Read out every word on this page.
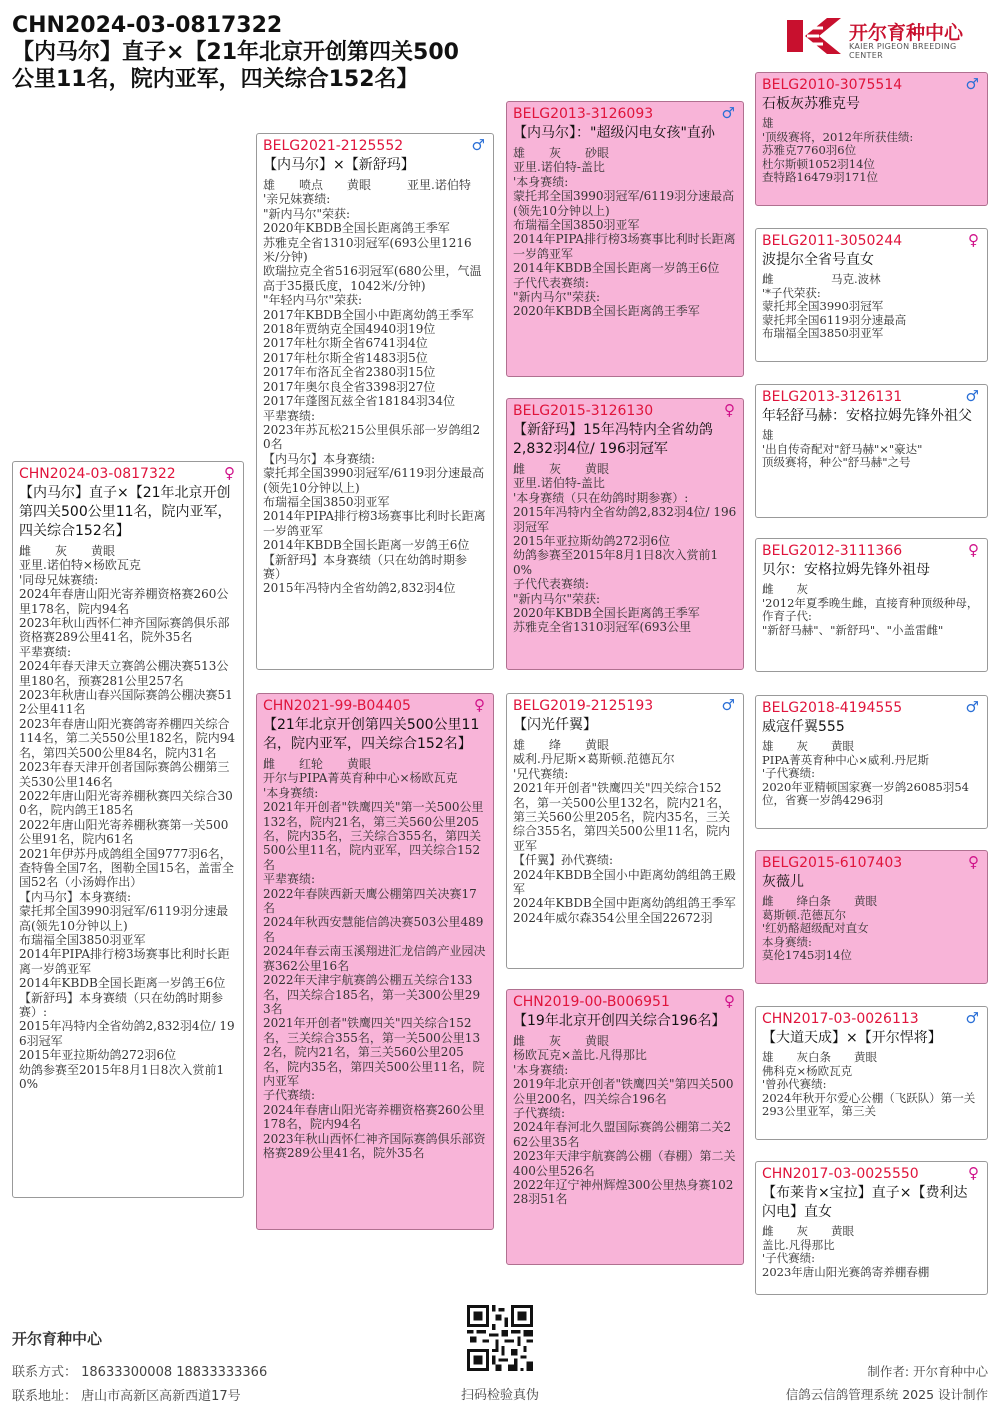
CHN2024-03-0817322
【内马尔】直子×【21年北京开创第四关500公里11名，院内亚军，四关综合152名】
开尔育种中心
KAIER PIGEON BREEDING CENTER
CHN2024-03-0817322	♀
【内马尔】直子×【21年北京开创第四关500公里11名，院内亚军，四关综合152名】
雌　　灰　　黄眼
亚里.诺伯特×杨欧瓦克
'同母兄妹赛绩:
2024年春唐山阳光寄养棚资格赛260公里178名，院内94名
2023年秋山西怀仁神齐国际赛鸽俱乐部资格赛289公里41名，院外35名
平辈赛绩:
2024年春天津天立赛鸽公棚决赛513公里180名，预赛281公里257名
2023年秋唐山春兴国际赛鸽公棚决赛512公里411名
2023年春唐山阳光赛鸽寄养棚四关综合114名，第二关550公里182名，院内94名，第四关500公里84名，院内31名
2023年春天津开创者国际赛鸽公棚第三关530公里146名
2022年唐山阳光寄养棚秋赛四关综合300名，院内鸽王185名
2022年唐山阳光寄养棚秋赛第一关500公里91名，院内61名
2021年伊苏丹成鸽组全国9777羽6名，查特鲁全国7名，图勒全国15名，盖雷全国52名（小汤姆作出）
【内马尔】本身赛绩:
蒙托邦全国3990羽冠军/6119羽分速最高(领先10分钟以上)
布瑞福全国3850羽亚军
2014年PIPA排行榜3场赛事比利时长距离一岁鸽亚军
2014年KBDB全国长距离一岁鸽王6位
【新舒玛】本身赛绩（只在幼鸽时期参赛）:
2015年冯特内全省幼鸽2,832羽4位/ 196羽冠军
2015年亚拉斯幼鸽272羽6位
幼鸽参赛至2015年8月1日8次入赏前10%
BELG2021-2125552	♂
【内马尔】×【新舒玛】
雄　　喷点　　黄眼　　　亚里.诺伯特
'亲兄妹赛绩:
"新内马尔"荣获:
2020年KBDB全国长距离鸽王季军
苏雅克全省1310羽冠军(693公里1216米/分钟)
欧瑞拉克全省516羽冠军(680公里，气温高于35摄氏度，1042米/分钟)
"年轻内马尔"荣获:
2017年KBDB全国小中距离幼鸽王季军
2018年贾纳克全国4940羽19位
2017年杜尔斯全省6741羽4位
2017年杜尔斯全省1483羽5位
2017年布洛瓦全省2380羽15位
2017年奥尔良全省3398羽27位
2017年蓬图瓦兹全省18184羽34位
平辈赛绩:
2023年苏瓦松215公里俱乐部一岁鸽组20名
【内马尔】本身赛绩:
蒙托邦全国3990羽冠军/6119羽分速最高(领先10分钟以上)
布瑞福全国3850羽亚军
2014年PIPA排行榜3场赛事比利时长距离一岁鸽亚军
2014年KBDB全国长距离一岁鸽王6位
【新舒玛】本身赛绩（只在幼鸽时期参赛）
2015年冯特内全省幼鸽2,832羽4位
CHN2021-99-B04405	♀
【21年北京开创第四关500公里11名，院内亚军，四关综合152名】
雌　　红轮　　黄眼
开尔与PIPA菁英育种中心×杨欧瓦克
'本身赛绩:
2021年开创者"铁鹰四关"第一关500公里132名，院内21名，第三关560公里205名，院内35名，三关综合355名，第四关500公里11名，院内亚军，四关综合152名
平辈赛绩:
2022年春陕西新天鹰公棚第四关决赛17名
2024年秋西安慧能信鸽决赛503公里489名
2024年春云南玉溪翔进汇龙信鸽产业园决赛362公里16名
2022年天津宇航赛鸽公棚五关综合133名，四关综合185名，第一关300公里293名
2021年开创者"铁鹰四关"四关综合152名，三关综合355名，第一关500公里132名，院内21名，第三关560公里205名，院内35名，第四关500公里11名，院内亚军
子代赛绩:
2024年春唐山阳光寄养棚资格赛260公里178名，院内94名
2023年秋山西怀仁神齐国际赛鸽俱乐部资格赛289公里41名，院外35名
BELG2013-3126093	♂
【内马尔】："超级闪电女孩"直孙
雄　　灰　　砂眼
亚里.诺伯特-盖比
'本身赛绩:
蒙托邦全国3990羽冠军/6119羽分速最高(领先10分钟以上)
布瑞福全国3850羽亚军
2014年PIPA排行榜3场赛事比利时长距离一岁鸽亚军
2014年KBDB全国长距离一岁鸽王6位
子代代表赛绩:
"新内马尔"荣获:
2020年KBDB全国长距离鸽王季军
BELG2015-3126130	♀
【新舒玛】15年冯特内全省幼鸽2,832羽4位/ 196羽冠军
雌　　灰　　黄眼
亚里.诺伯特-盖比
'本身赛绩（只在幼鸽时期参赛）:
2015年冯特内全省幼鸽2,832羽4位/ 196羽冠军
2015年亚拉斯幼鸽272羽6位
幼鸽参赛至2015年8月1日8次入赏前10%
子代代表赛绩:
"新内马尔"荣获:
2020年KBDB全国长距离鸽王季军
苏雅克全省1310羽冠军(693公里
BELG2019-2125193	♂
【闪光仟翼】
雄　　绛　　黄眼
威利.丹尼斯×葛斯顿.范德瓦尔
'兄代赛绩:
2021年开创者"铁鹰四关"四关综合152名，第一关500公里132名，院内21名，第三关560公里205名，院内35名，三关综合355名，第四关500公里11名，院内亚军
【仟翼】孙代赛绩:
2024年KBDB全国小中距离幼鸽组鸽王殿军
2024年KBDB全国中距离幼鸽组鸽王季军
2024年威尔森354公里全国22672羽
CHN2019-00-B006951	♀
【19年北京开创四关综合196名】
雌　　灰　　黄眼
杨欧瓦克×盖比.凡得那比
'本身赛绩:
2019年北京开创者"铁鹰四关"第四关500公里200名，四关综合196名
子代赛绩:
2024年春河北久盟国际赛鸽公棚第二关262公里35名
2023年天津宇航赛鸽公棚（春棚）第二关400公里526名
2022年辽宁神州辉煌300公里热身赛10228羽51名
BELG2010-3075514	♂
石板灰苏雅克号
雄
'顶级赛将，2012年所获佳绩:
苏雅克7760羽6位
杜尔斯顿1052羽14位
查特路16479羽171位
BELG2011-3050244	♀
波提尔全省号直女
雌　　　　　马克.波林
'*子代荣获:
蒙托邦全国3990羽冠军
蒙托邦全国6119羽分速最高
布瑞福全国3850羽亚军
BELG2013-3126131	♂
年轻舒马赫：安格拉姆先锋外祖父
雄
'出自传奇配对"舒马赫"×"豪达"
顶级赛将，种公"舒马赫"之号
BELG2012-3111366	♀
贝尔：安格拉姆先锋外祖母
雌　　灰
'2012年夏季晚生雌，直接育种顶级种母，作育子代:
"新舒马赫"、"新舒玛"、"小盖雷雌"
BELG2018-4194555	♂
威寇仟翼555
雄　　灰　　黄眼
PIPA菁英育种中心×威利.丹尼斯
'子代赛绩:
2020年亚精顿国家赛一岁鸽26085羽54位，省赛一岁鸽4296羽
BELG2015-6107403	♀
灰薇儿
雌　　绛白条　　黄眼
葛斯顿.范德瓦尔
'红奶酪超级配对直女
本身赛绩:
莫伦1745羽14位
CHN2017-03-0026113	♂
【大道天成】×【开尔悍将】
雄　　灰白条　　黄眼
佛科克×杨欧瓦克
'曾孙代赛绩:
2024年秋开尔爱心公棚（飞跃队）第一关293公里亚军，第三关
CHN2017-03-0025550	♀
【布莱肯×宝拉】直子×【费利达闪电】直女
雌　　灰　　黄眼
盖比.凡得那比
'子代赛绩:
2023年唐山阳光赛鸽寄养棚春棚
开尔育种中心
联系方式： 18633300008 18833333366
联系地址： 唐山市高新区高新西道17号	扫码检验真伪
制作者: 开尔育种中心
信鸽云信鸽管理系统 2025 设计制作
